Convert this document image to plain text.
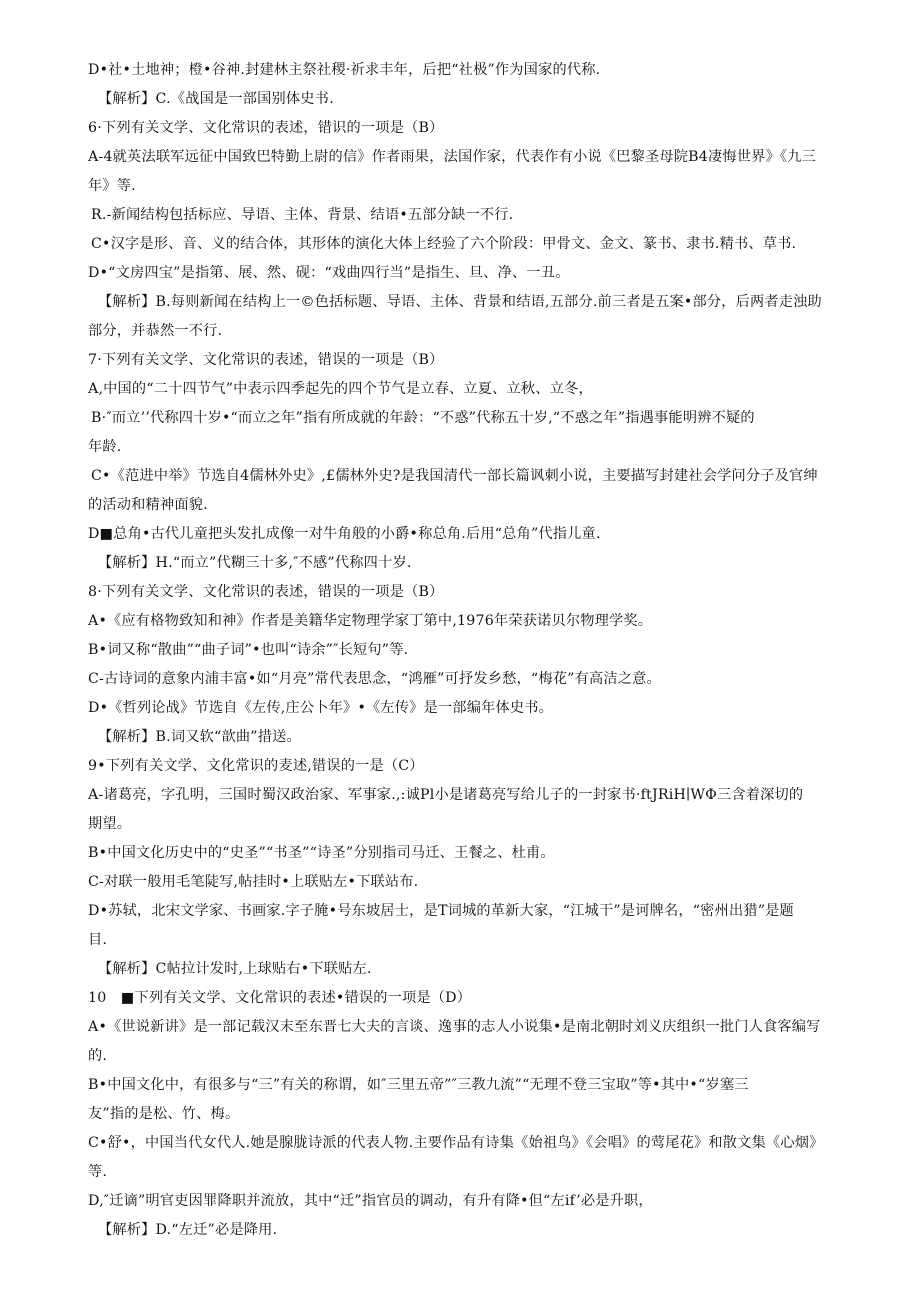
D•社•土地神；橙•谷神.封建林主祭社稷·祈求丰年，后把“社极”作为国家的代称.
【解析】C.《战国是一部国别体史书.
6·下列有关文学、文化常识的表述，错识的一项是（B）
A-4就英法联军远征中国致巴特勤上尉的信》作者雨果，法国作家，代表作有小说《巴黎圣母院B4凄悔世界》《九三
年》等.
R.-新闻结构包括标应、导语、主体、背景、结语•五部分缺一不行.
C•汉字是形、音、义的结合体，其形体的演化大体上经验了六个阶段：甲骨文、金文、篆书、隶书.精书、草书.
D•“文房四宝”是指第、展、然、砚：“戏曲四行当”是指生、旦、净、一丑。
【解析】B.每则新闻在结构上一©色括标题、导语、主体、背景和结语,五部分.前三者是五案•部分，后两者走浊助
部分，并恭然一不行.
7·下列有关文学、文化常识的表述，错误的一项是（B）
A,中国的“二十四节气”中表示四季起先的四个节气是立春、立夏、立秋、立冬，
B·″而立’’代称四十岁•“而立之年”指有所成就的年龄：“不惑”代称五十岁,“不惑之年”指遇事能明辨不疑的
年龄.
C•《范进中举》节选自4儒林外史》,£儒林外史?是我国清代一部长篇讽刺小说，主要描写封建社会学问分子及官绅
的活动和精神面貌.
D■总角•古代儿童把头发扎成像一对牛角般的小爵•称总角.后用“总角”代指儿童.
【解析】H.“而立”代糊三十多,″不感”代称四十岁.
8·下列有关文学、文化常识的表述，错误的一项是（B）
A•《应有格物致知和神》作者是美籍华定物理学家丁第中,1976年荣获诺贝尔物理学奖。
B•词又称“散曲”“曲子词”•也叫“诗余”″长短句”等.
C-古诗词的意象内浦丰富•如“月亮”常代表思念，“鸿雁”可抒发乡愁，“梅花”有高洁之意。
D•《哲列论战》节选自《左传,庄公卜年》•《左传》是一部编年体史书。
【解析】B.词又软“歆曲”措送。
9•下列有关文学、文化常识的麦述,错误的一是（C）
A-诸葛亮，字孔明，三国时蜀汉政治家、军事家.,:诚Pl小是诸葛亮写给儿子的一封家书·ftJRiH∣WΦ三含着深切的
期望。
B•中国文化历史中的“史圣”“书圣”“诗圣”分别指司马迁、王餐之、杜甫。
C-对联一般用毛笔陡写,帖挂时•上联贴左•下联站布.
D•苏轼，北宋文学家、书画家.字子腌•号东坡居士，是T词城的革新大家，“江城干”是诃牌名，“密州出猎”是题
目.
【解析】C帖拉计发时,上球贴右•下联贴左.
10　■下列有关文学、文化常识的表述•错误的一项是（D）
A•《世说新讲》是一部记载汉末至东晋七大夫的言谈、逸事的志人小说集•是南北朝时刘义庆组织一批门人食客编写
的.
B•中国文化中，有很多与“三”有关的称谓，如″三里五帝”″三教九流”“无理不登三宝取”等•其中•“岁塞三
友”指的是松、竹、梅。
C•舒•，中国当代女代人.她是腺胧诗派的代表人物.主要作品有诗集《始祖鸟》《会唱》的莺尾花》和散文集《心烟》
等.
D,″迁谪”明官吏因罪降职并流放，其中“迁”指官员的调动，有升有降•但“左if’必是升职，
【解析】D.“左迁”必是降用.
